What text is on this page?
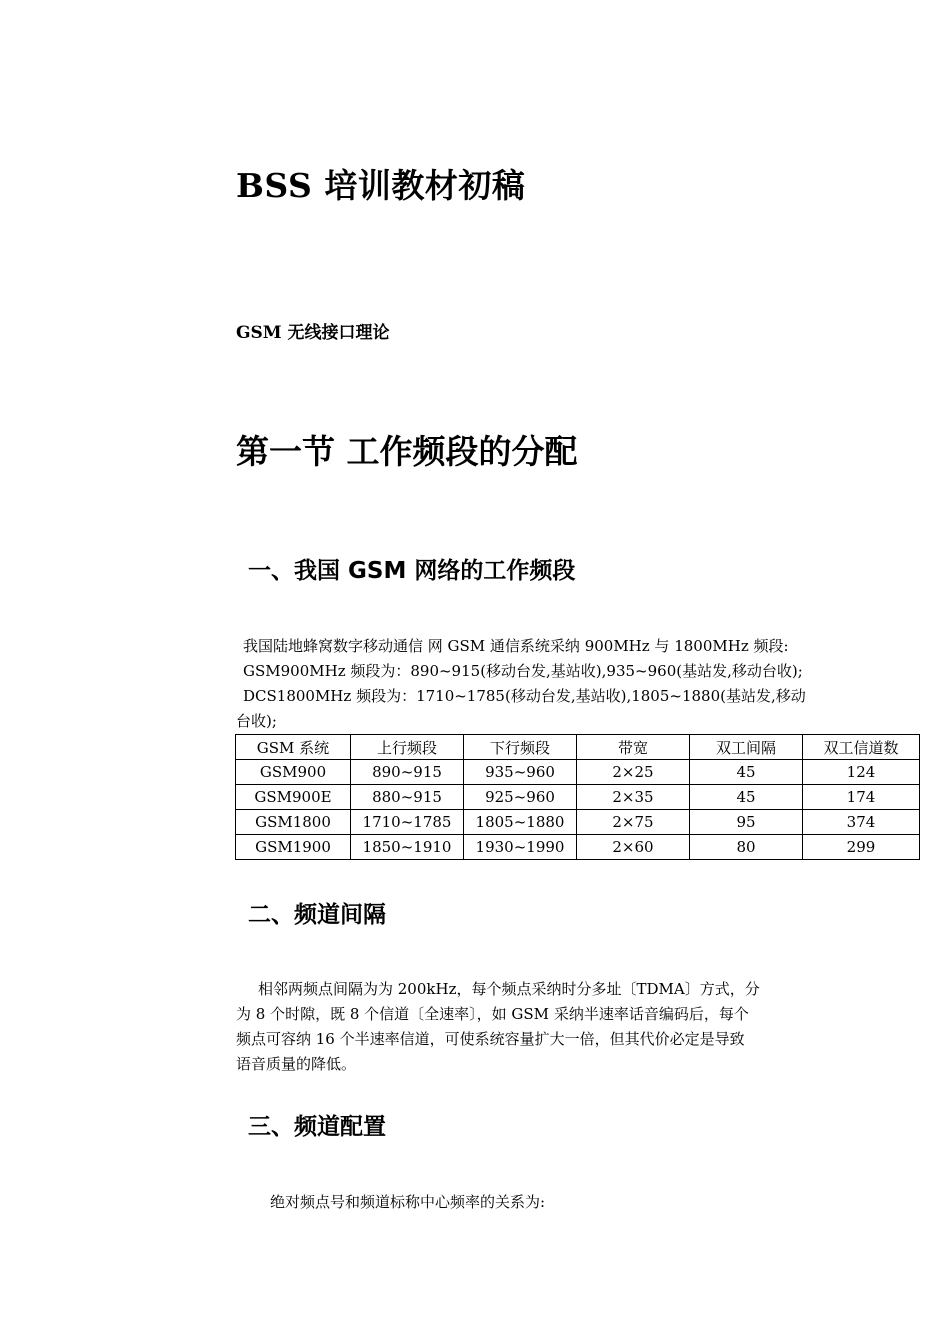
BSS 培训教材初稿
GSM 无线接口理论
第一节 工作频段的分配
一、我国 GSM 网络的工作频段
我国陆地蜂窝数字移动通信 网 GSM 通信系统采纳 900MHz 与 1800MHz 频段:
GSM900MHz 频段为：890~915(移动台发,基站收),935~960(基站发,移动台收);
DCS1800MHz 频段为：1710~1785(移动台发,基站收),1805~1880(基站发,移动
台收);
GSM 系统	上行频段	下行频段	带宽	双工间隔	双工信道数
GSM900	890~915	935~960	2×25	45	124
GSM900E	880~915	925~960	2×35	45	174
GSM1800	1710~1785	1805~1880	2×75	95	374
GSM1900	1850~1910	1930~1990	2×60	80	299
二、频道间隔
相邻两频点间隔为为 200kHz，每个频点采纳时分多址〔TDMA〕方式，分
为 8 个时隙，既 8 个信道〔全速率〕，如 GSM 采纳半速率话音编码后，每个
频点可容纳 16 个半速率信道，可使系统容量扩大一倍，但其代价必定是导致
语音质量的降低。
三、频道配置
绝对频点号和频道标称中心频率的关系为:
